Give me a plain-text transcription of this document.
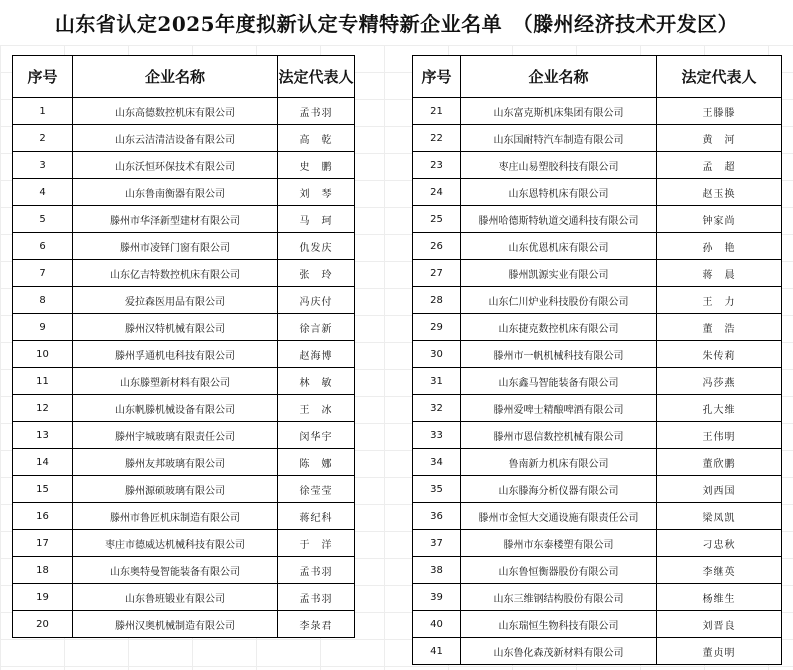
山东省认定2025年度拟新认定专精特新企业名单　（滕州经济技术开发区）
序号	企业名称	法定代表人
1	山东高德数控机床有限公司	孟书羽
2	山东云洁清洁设备有限公司	高　乾
3	山东沃恒环保技术有限公司	史　鹏
4	山东鲁南衡器有限公司	刘　琴
5	滕州市华泽新型建材有限公司	马　珂
6	滕州市凌铎门窗有限公司	仇发庆
7	山东亿吉特数控机床有限公司	张　玲
8	爱拉森医用品有限公司	冯庆付
9	滕州汉特机械有限公司	徐言新
10	滕州孚通机电科技有限公司	赵海博
11	山东滕塑新材料有限公司	林　敏
12	山东帆滕机械设备有限公司	王　冰
13	滕州宇城玻璃有限责任公司	闵华宇
14	滕州友邦玻璃有限公司	陈　娜
15	滕州源硕玻璃有限公司	徐莹莹
16	滕州市鲁匠机床制造有限公司	蒋纪科
17	枣庄市德威达机械科技有限公司	于　洋
18	山东奥特曼智能装备有限公司	孟书羽
19	山东鲁班锻业有限公司	孟书羽
20	滕州汉奥机械制造有限公司	李彔君
序号	企业名称	法定代表人
21	山东富克斯机床集团有限公司	王滕滕
22	山东国耐特汽车制造有限公司	黄　河
23	枣庄山易塑胶科技有限公司	孟　超
24	山东恩特机床有限公司	赵玉换
25	滕州哈德斯特轨道交通科技有限公司	钟家尚
26	山东优恩机床有限公司	孙　艳
27	滕州凯源实业有限公司	蒋　晨
28	山东仁川炉业科技股份有限公司	王　力
29	山东捷克数控机床有限公司	董　浩
30	滕州市一帆机械科技有限公司	朱传莉
31	山东鑫马智能装备有限公司	冯莎燕
32	滕州爱啤士精酿啤酒有限公司	孔大维
33	滕州市恩信数控机械有限公司	王伟明
34	鲁南新力机床有限公司	董欣鹏
35	山东滕海分析仪器有限公司	刘西国
36	滕州市金恒大交通设施有限责任公司	梁凤凯
37	滕州市东泰楼塑有限公司	刁忠秋
38	山东鲁恒衡器股份有限公司	李继英
39	山东三维钢结构股份有限公司	杨维生
40	山东瑞恒生物科技有限公司	刘晋良
41	山东鲁化森茂新材料有限公司	董贞明
